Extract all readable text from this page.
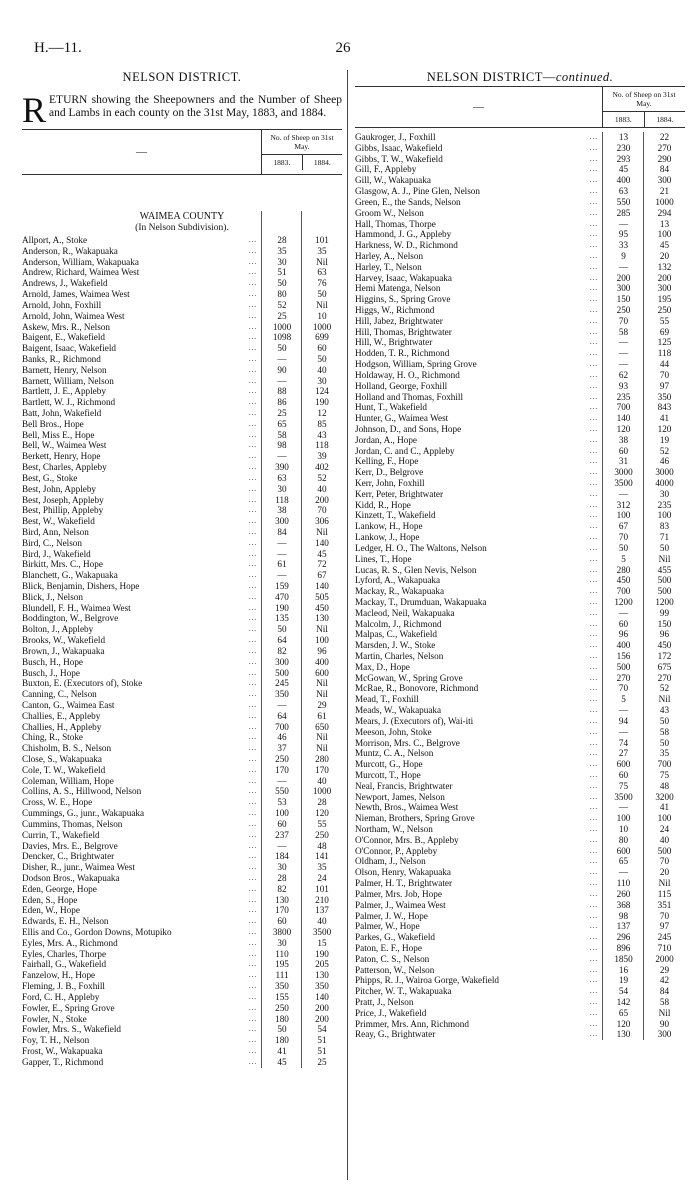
H.—11.	26
NELSON DISTRICT.

RETURN showing the Sheepowners and the Number of Sheep and Lambs in each county on the 31st May, 1883, and 1884.

—
No. of Sheep on 31st May.
1883.	1884.
WAIMEA COUNTY
(In Nelson Subdivision).
Allport, A., Stoke	...	28	101
Anderson, R., Wakapuaka	...	35	35
Anderson, William, Wakapuaka	...	30	Nil
Andrew, Richard, Waimea West	...	51	63
Andrews, J., Wakefield	...	50	76
Arnold, James, Waimea West	...	80	50
Arnold, John, Foxhill	...	52	Nil
Arnold, John, Waimea West	...	25	10
Askew, Mrs. R., Nelson	...	1000	1000
Baigent, E., Wakefield	...	1098	699
Baigent, Isaac, Wakefield	...	50	60
Banks, R., Richmond	...	—	50
Barnett, Henry, Nelson	...	90	40
Barnett, William, Nelson	...	—	30
Bartlett, J. E., Appleby	...	88	124
Bartlett, W. J., Richmond	...	86	190
Batt, John, Wakefield	...	25	12
Bell Bros., Hope	...	65	85
Bell, Miss E., Hope	...	58	43
Bell, W., Waimea West	...	98	118
Berkett, Henry, Hope	...	—	39
Best, Charles, Appleby	...	390	402
Best, G., Stoke	...	63	52
Best, John, Appleby	...	30	40
Best, Joseph, Appleby	...	118	200
Best, Phillip, Appleby	...	38	70
Best, W., Wakefield	...	300	306
Bird, Ann, Nelson	...	84	Nil
Bird, C., Nelson	...	—	140
Bird, J., Wakefield	...	—	45
Birkitt, Mrs. C., Hope	...	61	72
Blanchett, G., Wakapuaka	...	—	67
Blick, Benjamin, Dishers, Hope	...	159	140
Blick, J., Nelson	...	470	505
Blundell, F. H., Waimea West	...	190	450
Boddington, W., Belgrove	...	135	130
Bolton, J., Appleby	...	50	Nil
Brooks, W., Wakefield	...	64	100
Brown, J., Wakapuaka	...	82	96
Busch, H., Hope	...	300	400
Busch, J., Hope	...	500	600
Buxton, E. (Executors of), Stoke	...	245	Nil
Canning, C., Nelson	...	350	Nil
Canton, G., Waimea East	...	—	29
Challies, E., Appleby	...	64	61
Challies, H., Appleby	...	700	650
Ching, R., Stoke	...	46	Nil
Chisholm, B. S., Nelson	...	37	Nil
Close, S., Wakapuaka	...	250	280
Cole, T. W., Wakefield	...	170	170
Coleman, William, Hope	...	—	40
Collins, A. S., Hillwood, Nelson	...	550	1000
Cross, W. E., Hope	...	53	28
Cummings, G., junr., Wakapuaka	...	100	120
Cummins, Thomas, Nelson	...	60	55
Currin, T., Wakefield	...	237	250
Davies, Mrs. E., Belgrove	...	—	48
Dencker, C., Brightwater	...	184	141
Disher, R., junr., Waimea West	...	30	35
Dodson Bros., Wakapuaka	...	28	24
Eden, George, Hope	...	82	101
Eden, S., Hope	...	130	210
Eden, W., Hope	...	170	137
Edwards, E. H., Nelson	...	60	40
Ellis and Co., Gordon Downs, Motupiko	...	3800	3500
Eyles, Mrs. A., Richmond	...	30	15
Eyles, Charles, Thorpe	...	110	190
Fairhall, G., Wakefield	...	195	205
Fanzelow, H., Hope	...	111	130
Fleming, J. B., Foxhill	...	350	350
Ford, C. H., Appleby	...	155	140
Fowler, E., Spring Grove	...	250	200
Fowler, N., Stoke	...	180	200
Fowler, Mrs. S., Wakefield	...	50	54
Foy, T. H., Nelson	...	180	51
Frost, W., Wakapuaka	...	41	51
Gapper, T., Richmond	...	45	25
NELSON DISTRICT—continued.
—
No. of Sheep on 31st May.
1883.	1884.
Gaukroger, J., Foxhill	...	13	22
Gibbs, Isaac, Wakefield	...	230	270
Gibbs, T. W., Wakefield	...	293	290
Gill, F., Appleby	...	45	84
Gill, W., Wakapuaka	...	400	300
Glasgow, A. J., Pine Glen, Nelson	...	63	21
Green, E., the Sands, Nelson	...	550	1000
Groom W., Nelson	...	285	294
Hall, Thomas, Thorpe	...	—	13
Hammond, J. G., Appleby	...	95	100
Harkness, W. D., Richmond	...	33	45
Harley, A., Nelson	...	9	20
Harley, T., Nelson	...	—	132
Harvey, Isaac, Wakapuaka	...	200	200
Hemi Matenga, Nelson	...	300	300
Higgins, S., Spring Grove	...	150	195
Higgs, W., Richmond	...	250	250
Hill, Jabez, Brightwater	...	70	55
Hill, Thomas, Brightwater	...	58	69
Hill, W., Brightwater	...	—	125
Hodden, T. R., Richmond	...	—	118
Hodgson, William, Spring Grove	...	—	44
Holdaway, H. O., Richmond	...	62	70
Holland, George, Foxhill	...	93	97
Holland and Thomas, Foxhill	...	235	350
Hunt, T., Wakefield	...	700	843
Hunter, G., Waimea West	...	140	41
Johnson, D., and Sons, Hope	...	120	120
Jordan, A., Hope	...	38	19
Jordan, C. and C., Appleby	...	60	52
Kelling, F., Hope	...	31	46
Kerr, D., Belgrove	...	3000	3000
Kerr, John, Foxhill	...	3500	4000
Kerr, Peter, Brightwater	...	—	30
Kidd, R., Hope	...	312	235
Kinzett, T., Wakefield	...	100	100
Lankow, H., Hope	...	67	83
Lankow, J., Hope	...	70	71
Ledger, H. O., The Waltons, Nelson	...	50	50
Lines, T., Hope	...	5	Nil
Lucas, R. S., Glen Nevis, Nelson	...	280	455
Lyford, A., Wakapuaka	...	450	500
Mackay, R., Wakapuaka	...	700	500
Mackay, T., Drumduan, Wakapuaka	...	1200	1200
Macleod, Neil, Wakapuaka	...	—	99
Malcolm, J., Richmond	...	60	150
Malpas, C., Wakefield	...	96	96
Marsden, J. W., Stoke	...	400	450
Martin, Charles, Nelson	...	156	172
Max, D., Hope	...	500	675
McGowan, W., Spring Grove	...	270	270
McRae, R., Bonovore, Richmond	...	70	52
Mead, T., Foxhill	...	5	Nil
Meads, W., Wakapuaka	...	—	43
Mears, J. (Executors of), Wai-iti	...	94	50
Meeson, John, Stoke	...	—	58
Morrison, Mrs. C., Belgrove	...	74	50
Muntz, C. A., Nelson	...	27	35
Murcott, G., Hope	...	600	700
Murcott, T., Hope	...	60	75
Neal, Francis, Brightwater	...	75	48
Newport, James, Nelson	...	3500	3200
Newth, Bros., Waimea West	...	—	41
Nieman, Brothers, Spring Grove	...	100	100
Northam, W., Nelson	...	10	24
O'Connor, Mrs. B., Appleby	...	80	40
O'Connor, P., Appleby	...	600	500
Oldham, J., Nelson	...	65	70
Olson, Henry, Wakapuaka	...	—	20
Palmer, H. T., Brightwater	...	110	Nil
Palmer, Mrs. Job, Hope	...	260	115
Palmer, J., Waimea West	...	368	351
Palmer, J. W., Hope	...	98	70
Palmer, W., Hope	...	137	97
Parkes, G., Wakefield	...	296	245
Paton, E. F., Hope	...	896	710
Paton, C. S., Nelson	...	1850	2000
Patterson, W., Nelson	...	16	29
Phipps, R. J., Wairoa Gorge, Wakefield	...	19	42
Pitcher, W. T., Wakapuaka	...	54	84
Pratt, J., Nelson	...	142	58
Price, J., Wakefield	...	65	Nil
Primmer, Mrs. Ann, Richmond	...	120	90
Reay, G., Brightwater	...	130	300
